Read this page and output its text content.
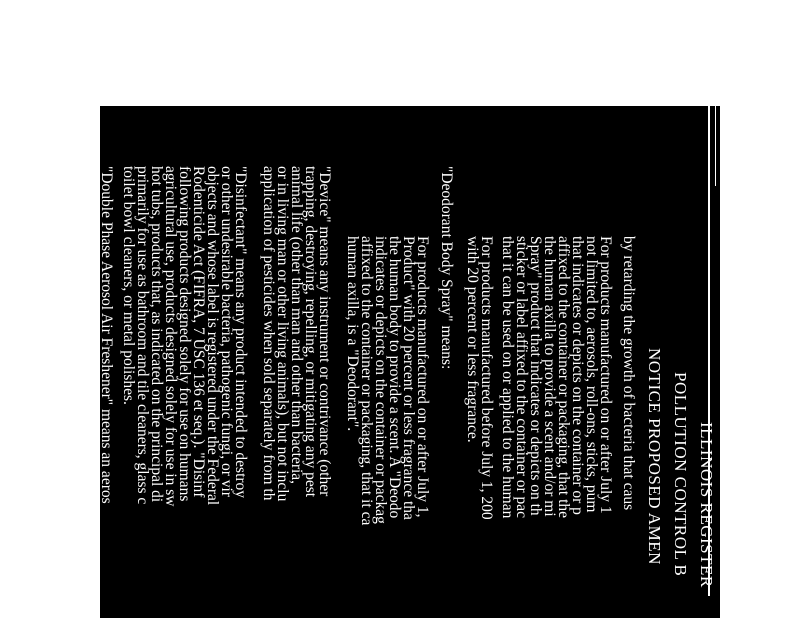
ILLINOIS REGISTER
POLLUTION CONTROL B
NOTICE PROPOSED AMEN
by retarding the growth of bacteria that caus
For products manufactured on or after July 1
not limited to, aerosols, roll-ons, sticks, pum
that indicates or depicts on the container or p
affixed to the container or packaging, that the
the human axilla to provide a scent and/or mi
Spray" product that indicates or depicts on th
sticker or label affixed to the container or pac
that it can be used on or applied to the human
For products manufactured before July 1, 200
with 20 percent or less fragrance.
"Deodorant Body Spray" means:
For products manufactured on or after July 1,
Product" with 20 percent or less fragrance tha
the human body to provide a scent. A "Deodo
indicates or depicts on the container or packag
affixed to the container or packaging, that it ca
human axilla, is a "Deodorant".
"Device" means any instrument or contrivance (other
trapping, destroying, repelling, or mitigating any pest
animal life (other than man and other than bacteria,
or in living man or other living animals), but not inclu
application of pesticides when sold separately from th
"Disinfectant" means any product intended to destroy
or other undesirable bacteria, pathogenic fungi, or vir
objects and whose label is registered under the Federal
Rodenticide Act (FIFRA, 7 USC 136 et seq.). "Disinf
following products designed solely for use on humans
agricultural use, products designed solely for use in sw
hot tubs, products that, as indicated on the principal di
primarily for use as bathroom and tile cleaners, glass c
toilet bowl cleaners, or metal polishes.
"Double Phase Aerosol Air Freshener" means an aeros
